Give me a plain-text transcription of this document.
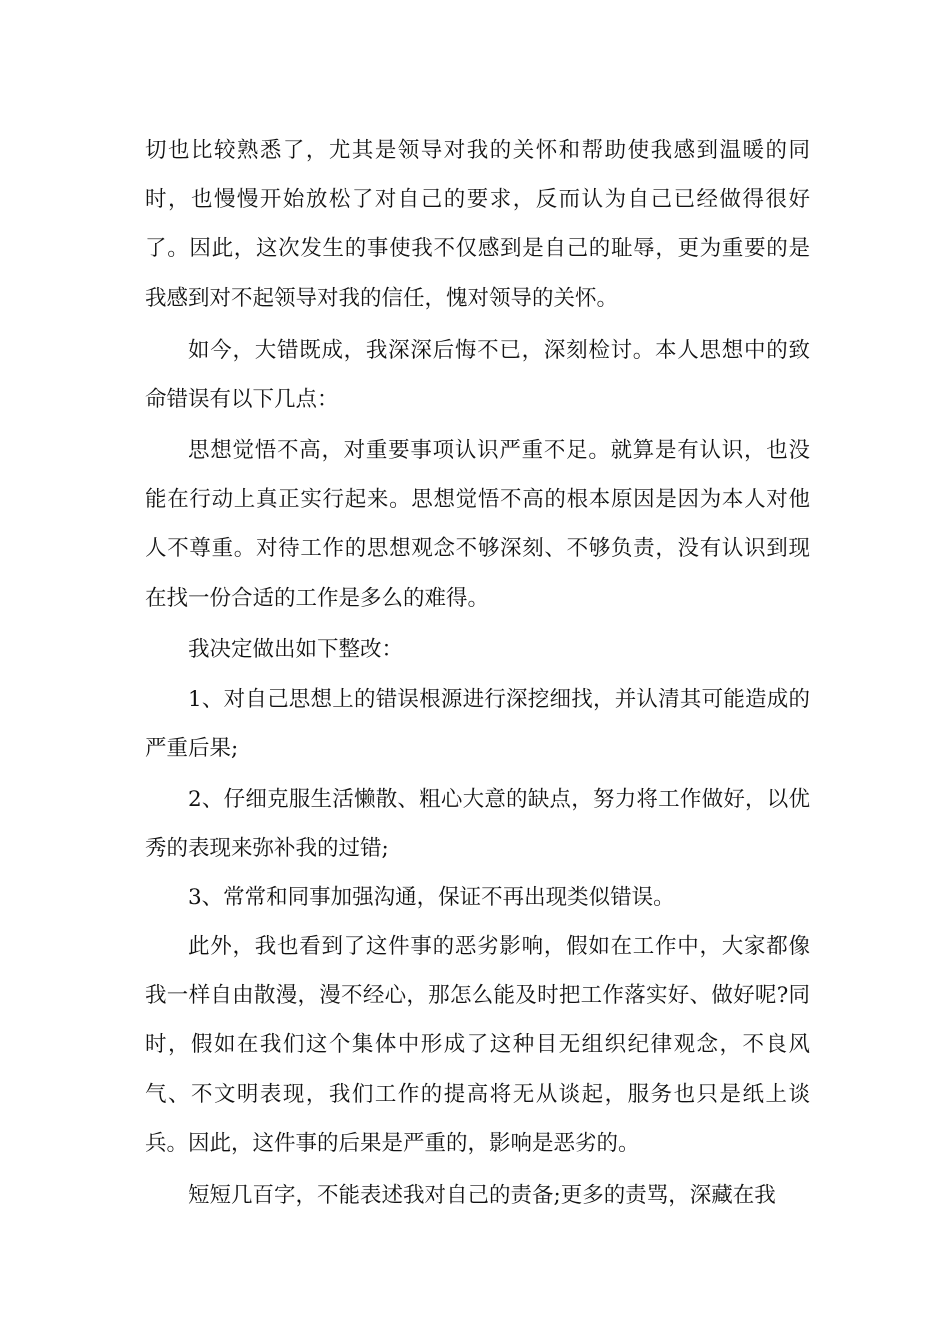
切也比较熟悉了，尤其是领导对我的关怀和帮助使我感到温暖的同时，也慢慢开始放松了对自己的要求，反而认为自己已经做得很好了。因此，这次发生的事使我不仅感到是自己的耻辱，更为重要的是我感到对不起领导对我的信任，愧对领导的关怀。

如今，大错既成，我深深后悔不已，深刻检讨。本人思想中的致命错误有以下几点：

思想觉悟不高，对重要事项认识严重不足。就算是有认识，也没能在行动上真正实行起来。思想觉悟不高的根本原因是因为本人对他人不尊重。对待工作的思想观念不够深刻、不够负责，没有认识到现在找一份合适的工作是多么的难得。

我决定做出如下整改：

1、对自己思想上的错误根源进行深挖细找，并认清其可能造成的严重后果;

2、仔细克服生活懒散、粗心大意的缺点，努力将工作做好，以优秀的表现来弥补我的过错;

3、常常和同事加强沟通，保证不再出现类似错误。

此外，我也看到了这件事的恶劣影响，假如在工作中，大家都像我一样自由散漫，漫不经心，那怎么能及时把工作落实好、做好呢?同时，假如在我们这个集体中形成了这种目无组织纪律观念，不良风气、不文明表现，我们工作的提高将无从谈起，服务也只是纸上谈兵。因此，这件事的后果是严重的，影响是恶劣的。

短短几百字，不能表述我对自己的责备;更多的责骂，深藏在我
